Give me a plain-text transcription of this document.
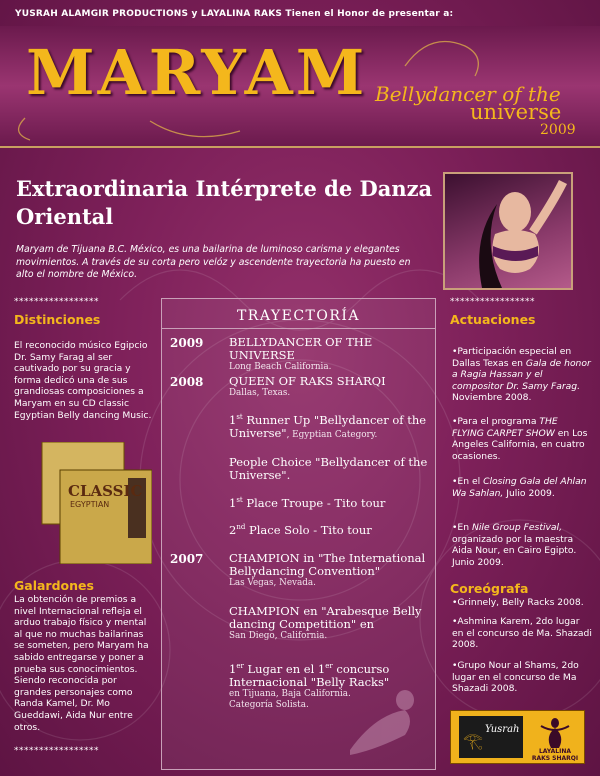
YUSRAH ALAMGIR PRODUCTIONS y LAYALINA RAKS Tienen el Honor de presentar a:
MARYAM Bellydancer of the
universe
2009
Extraordinaria Intérprete de Danza Oriental
Maryam de Tijuana B.C. México, es una bailarina de luminoso carisma y elegantes movimientos. A través de su corta pero velóz y ascendente trayectoria ha puesto en alto el nombre de México.
*****************
Distinciones
El reconocido músico Egipcio Dr. Samy Farag al ser cautivado por su gracia y forma dedicó una de sus grandiosas composiciones a Maryam en su CD classic Egyptian Belly dancing Music.
CLASSIC
EGYPTIAN
Galardones
La obtención de premios a nivel Internacional refleja el arduo trabajo físico y mental al que no muchas bailarinas se someten, pero Maryam ha sabido entregarse y poner a prueba sus conocimientos. Siendo reconocida por grandes personajes como Randa Kamel, Dr. Mo Gueddawi, Aida Nur entre otros.
*****************
TRAYECTORÍA
2009
2008
2007
BELLYDANCER OF THE UNIVERSE
Long Beach California.
QUEEN OF RAKS SHARQI
Dallas, Texas.
1st Runner Up "Bellydancer of the Universe", Egyptian Category.
People Choice "Bellydancer of the Universe".
1st Place Troupe - Tito tour
2nd Place Solo - Tito tour
CHAMPION in "The International Bellydancing Convention"
Las Vegas, Nevada.
CHAMPION en "Arabesque Belly dancing Competition" en
San Diego, California.
1er Lugar en el 1er concurso Internacional "Belly Racks"
en Tijuana, Baja California.
Categoría Solista.
*****************
Actuaciones
•Participación especial en Dallas Texas en Gala de honor a Ragia Hassan y el compositor Dr. Samy Farag. Noviembre 2008.
•Para el programa THE FLYING CARPET SHOW en Los Angeles California, en cuatro ocasiones.
•En el Closing Gala del Ahlan Wa Sahlan, Julio 2009.
•En Nile Group Festival, organizado por la maestra Aida Nour, en Cairo Egipto. Junio 2009.
Coreógrafa
•Grinnely, Belly Racks 2008.
•Ashmina Karem, 2do lugar en el concurso de Ma. Shazadi 2008.
•Grupo Nour al Shams, 2do lugar en el concurso de Ma Shazadi 2008.
𓂀
Yusrah
LAYALINA RAKS SHARQI
